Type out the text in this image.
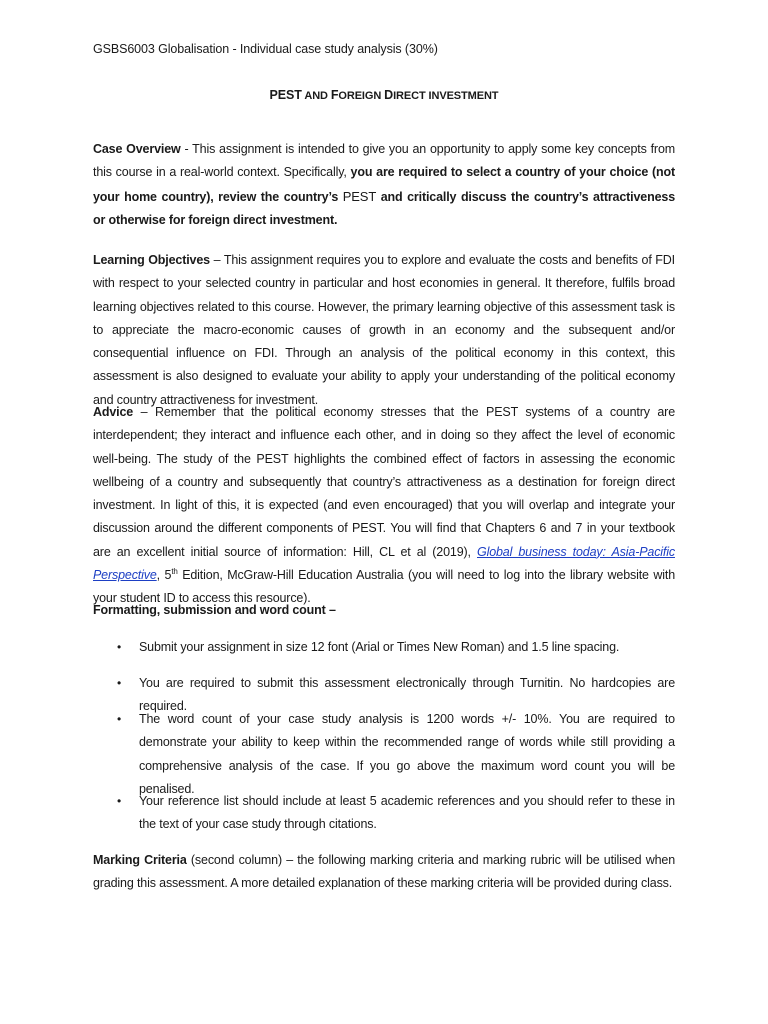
GSBS6003 Globalisation - Individual case study analysis (30%)
PEST AND FOREIGN DIRECT INVESTMENT
Case Overview - This assignment is intended to give you an opportunity to apply some key concepts from this course in a real-world context. Specifically, you are required to select a country of your choice (not your home country), review the country’s PEST and critically discuss the country’s attractiveness or otherwise for foreign direct investment.
Learning Objectives – This assignment requires you to explore and evaluate the costs and benefits of FDI with respect to your selected country in particular and host economies in general. It therefore, fulfils broad learning objectives related to this course. However, the primary learning objective of this assessment task is to appreciate the macro-economic causes of growth in an economy and the subsequent and/or consequential influence on FDI. Through an analysis of the political economy in this context, this assessment is also designed to evaluate your ability to apply your understanding of the political economy and country attractiveness for investment.
Advice – Remember that the political economy stresses that the PEST systems of a country are interdependent; they interact and influence each other, and in doing so they affect the level of economic well-being. The study of the PEST highlights the combined effect of factors in assessing the economic wellbeing of a country and subsequently that country’s attractiveness as a destination for foreign direct investment. In light of this, it is expected (and even encouraged) that you will overlap and integrate your discussion around the different components of PEST. You will find that Chapters 6 and 7 in your textbook are an excellent initial source of information: Hill, CL et al (2019), Global business today: Asia-Pacific Perspective, 5th Edition, McGraw-Hill Education Australia (you will need to log into the library website with your student ID to access this resource).
Formatting, submission and word count –
• Submit your assignment in size 12 font (Arial or Times New Roman) and 1.5 line spacing.
• You are required to submit this assessment electronically through Turnitin. No hardcopies are required.
• The word count of your case study analysis is 1200 words +/- 10%. You are required to demonstrate your ability to keep within the recommended range of words while still providing a comprehensive analysis of the case. If you go above the maximum word count you will be penalised.
• Your reference list should include at least 5 academic references and you should refer to these in the text of your case study through citations.
Marking Criteria (second column) – the following marking criteria and marking rubric will be utilised when grading this assessment. A more detailed explanation of these marking criteria will be provided during class.
